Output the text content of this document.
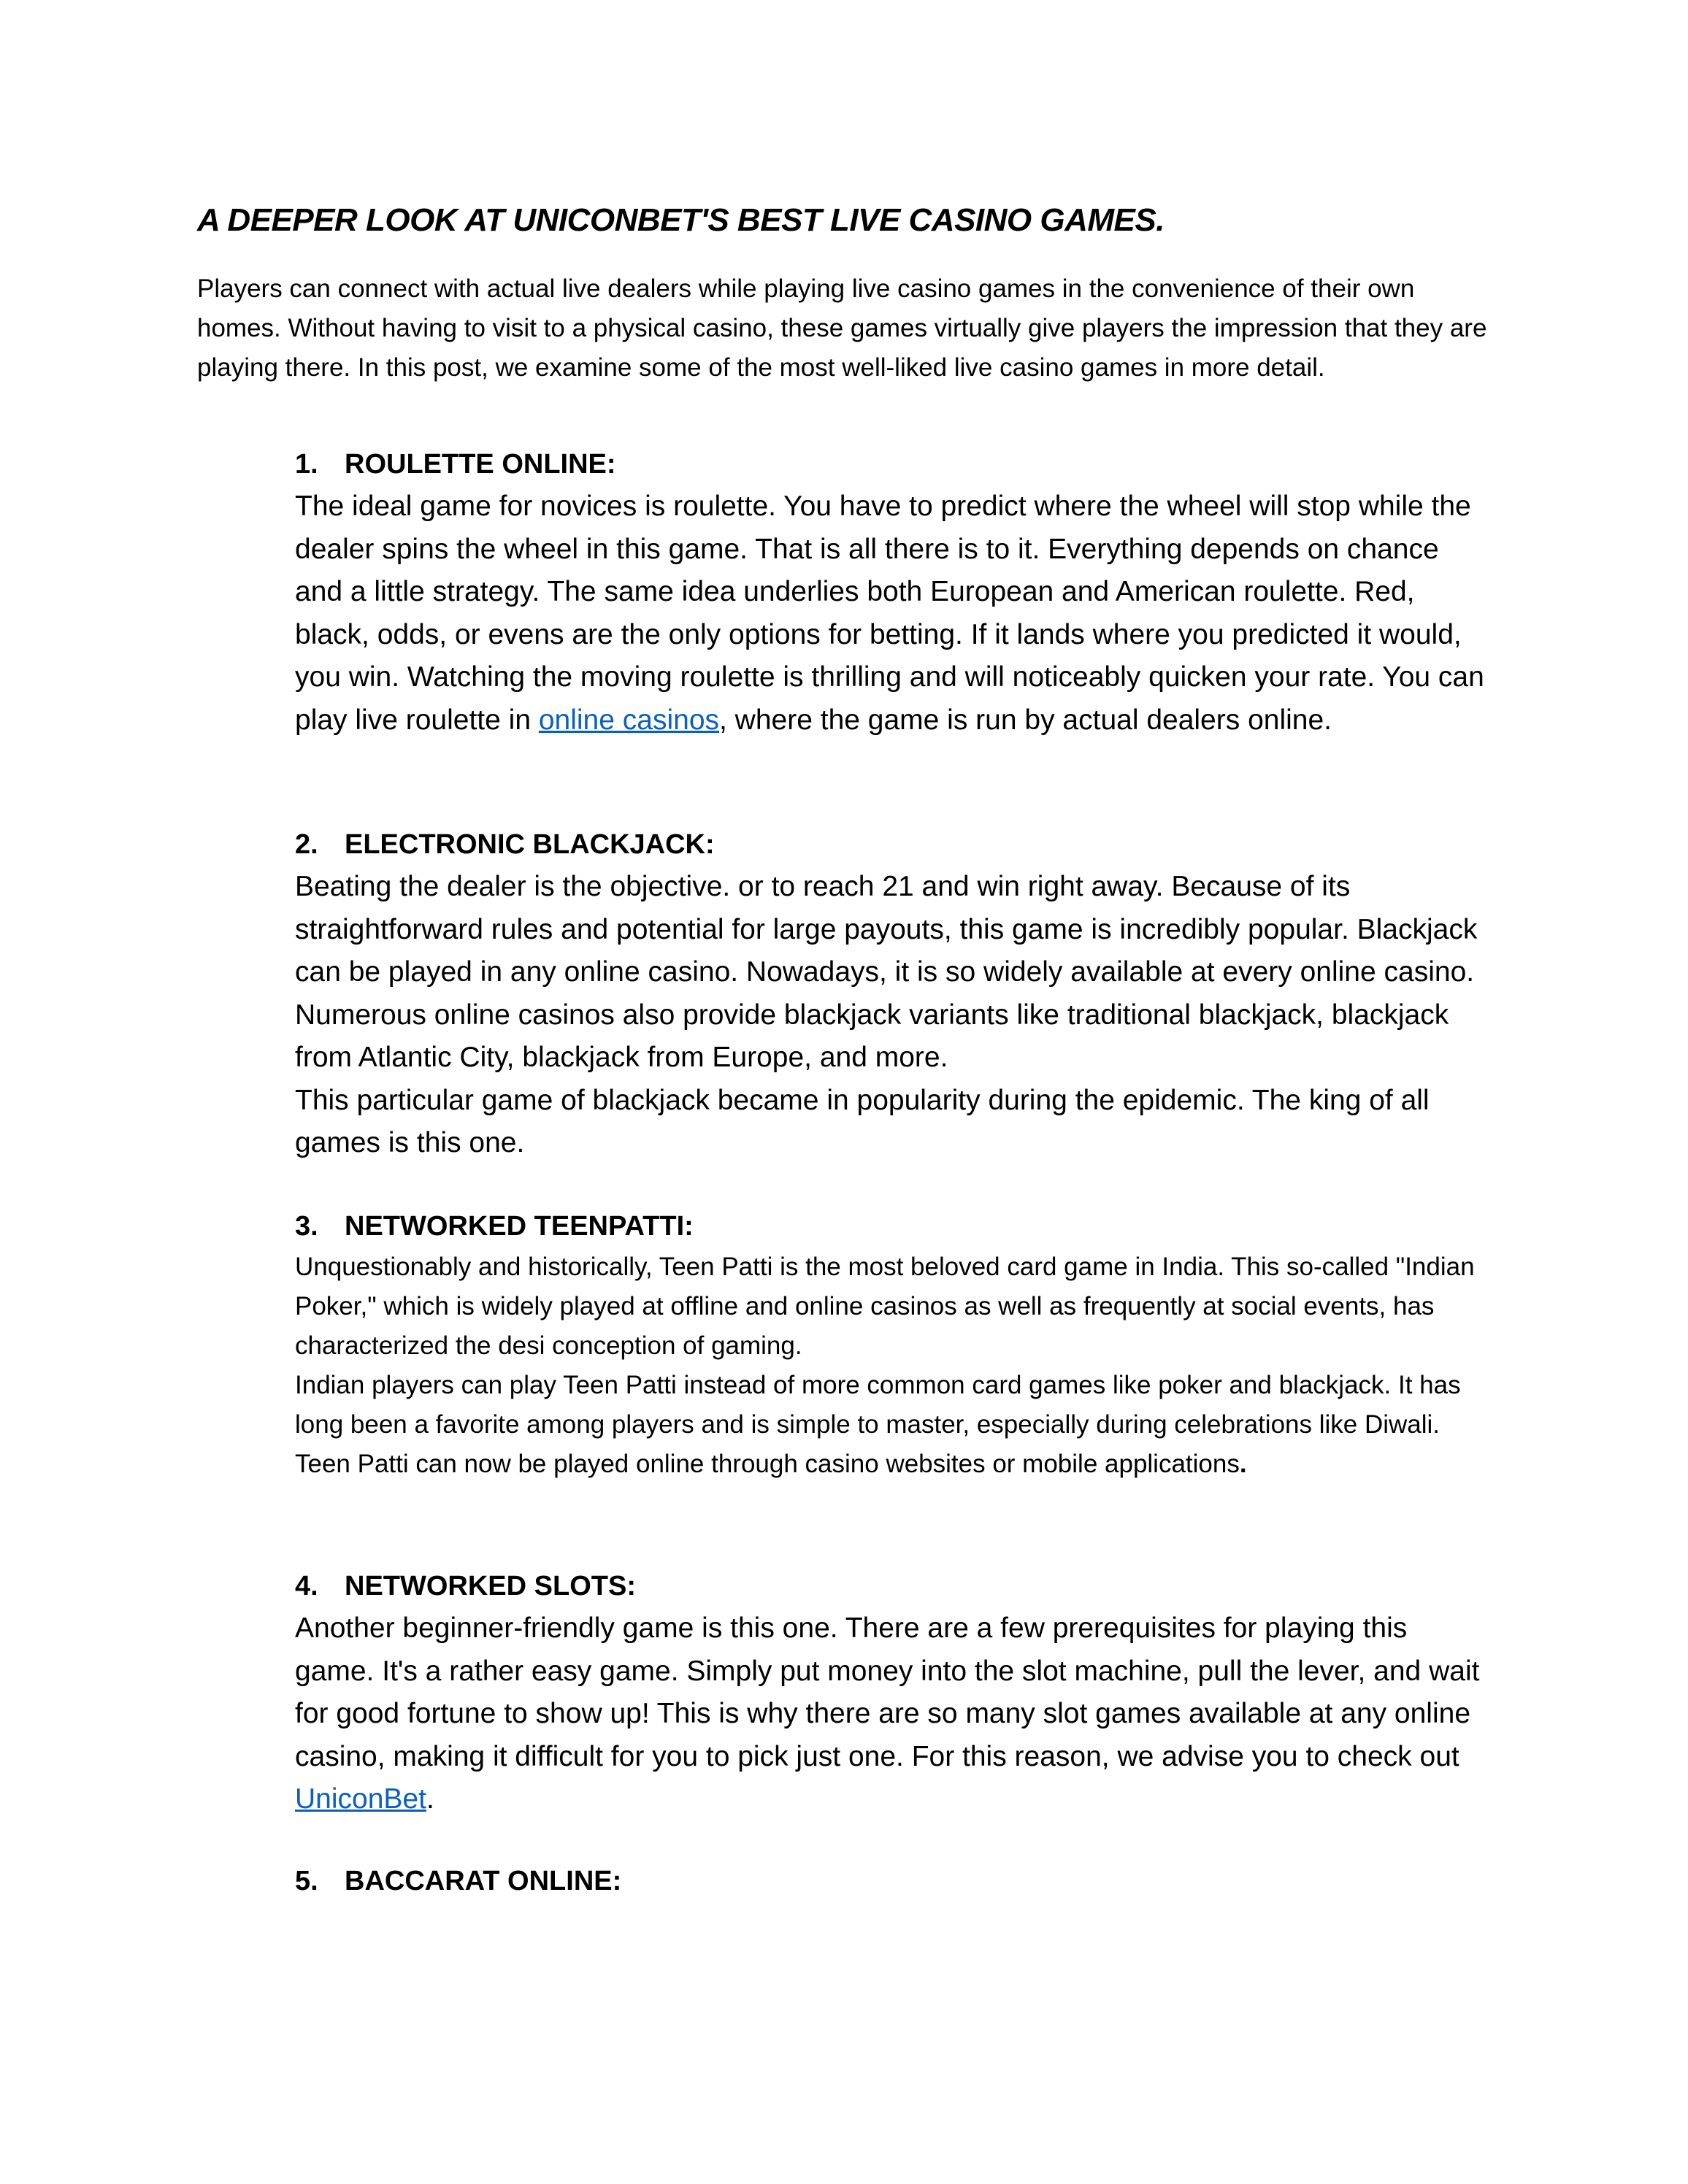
A DEEPER LOOK AT UNICONBET'S BEST LIVE CASINO GAMES.

Players can connect with actual live dealers while playing live casino games in the convenience of their own homes. Without having to visit to a physical casino, these games virtually give players the impression that they are playing there. In this post, we examine some of the most well-liked live casino games in more detail.

1. ROULETTE ONLINE:

The ideal game for novices is roulette. You have to predict where the wheel will stop while the dealer spins the wheel in this game. That is all there is to it. Everything depends on chance and a little strategy. The same idea underlies both European and American roulette. Red, black, odds, or evens are the only options for betting. If it lands where you predicted it would, you win. Watching the moving roulette is thrilling and will noticeably quicken your rate. You can play live roulette in online casinos, where the game is run by actual dealers online.

2. ELECTRONIC BLACKJACK:

Beating the dealer is the objective. or to reach 21 and win right away. Because of its straightforward rules and potential for large payouts, this game is incredibly popular. Blackjack can be played in any online casino. Nowadays, it is so widely available at every online casino. Numerous online casinos also provide blackjack variants like traditional blackjack, blackjack from Atlantic City, blackjack from Europe, and more.

This particular game of blackjack became in popularity during the epidemic. The king of all games is this one.

3. NETWORKED TEENPATTI:

Unquestionably and historically, Teen Patti is the most beloved card game in India. This so-called "Indian Poker," which is widely played at offline and online casinos as well as frequently at social events, has characterized the desi conception of gaming.

Indian players can play Teen Patti instead of more common card games like poker and blackjack. It has long been a favorite among players and is simple to master, especially during celebrations like Diwali.

Teen Patti can now be played online through casino websites or mobile applications.

4. NETWORKED SLOTS:

Another beginner-friendly game is this one. There are a few prerequisites for playing this game. It's a rather easy game. Simply put money into the slot machine, pull the lever, and wait for good fortune to show up! This is why there are so many slot games available at any online casino, making it difficult for you to pick just one. For this reason, we advise you to check out UniconBet.

5. BACCARAT ONLINE:
